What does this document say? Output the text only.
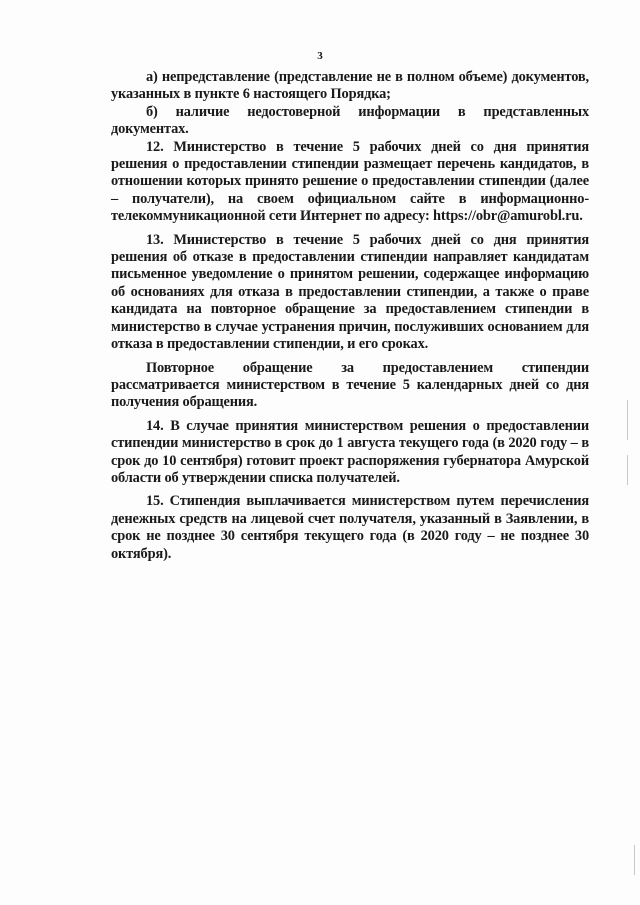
3

а) непредставление (представление не в полном объеме) документов, указанных в пункте 6 настоящего Порядка;

б) наличие недостоверной информации в представленных документах.

12. Министерство в течение 5 рабочих дней со дня принятия решения о предоставлении стипендии размещает перечень кандидатов, в отношении которых принято решение о предоставлении стипендии (далее – получатели), на своем официальном сайте в информационно-телекоммуникационной сети Интернет по адресу: https://obr@amurobl.ru.

13. Министерство в течение 5 рабочих дней со дня принятия решения об отказе в предоставлении стипендии направляет кандидатам письменное уведомление о принятом решении, содержащее информацию об основаниях для отказа в предоставлении стипендии, а также о праве кандидата на повторное обращение за предоставлением стипендии в министерство в случае устранения причин, послуживших основанием для отказа в предоставлении стипендии, и его сроках.

Повторное обращение за предоставлением стипендии рассматривается министерством в течение 5 календарных дней со дня получения обращения.

14. В случае принятия министерством решения о предоставлении стипендии министерство в срок до 1 августа текущего года (в 2020 году – в срок до 10 сентября) готовит проект распоряжения губернатора Амурской области об утверждении списка получателей.

15. Стипендия выплачивается министерством путем перечисления денежных средств на лицевой счет получателя, указанный в Заявлении, в срок не позднее 30 сентября текущего года (в 2020 году – не позднее 30 октября).
